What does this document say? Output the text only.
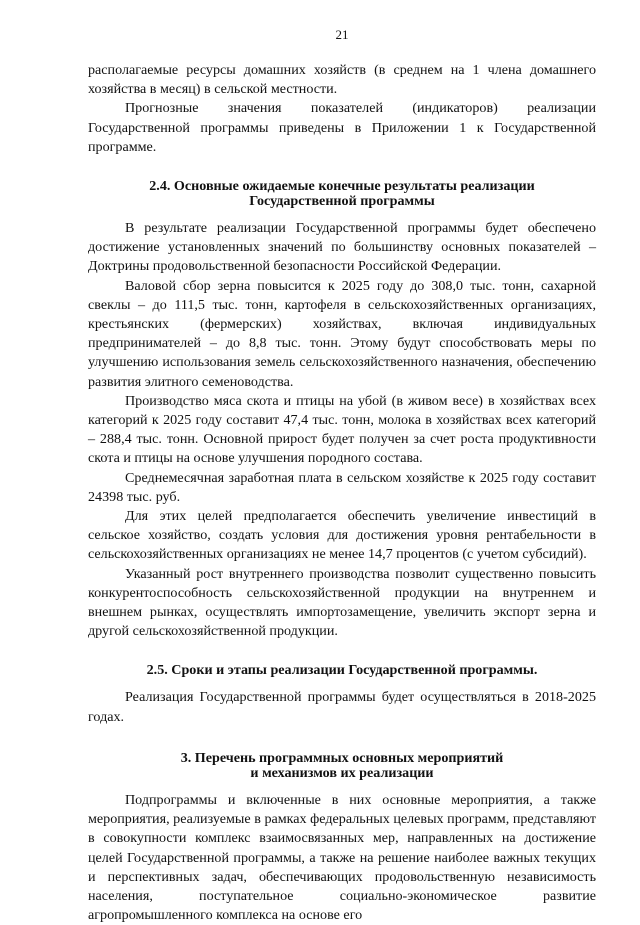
21

располагаемые ресурсы домашних хозяйств (в среднем на 1 члена домашнего хозяйства в месяц) в сельской местности.

Прогнозные значения показателей (индикаторов) реализации Государственной программы приведены в Приложении 1 к Государственной программе.

2.4. Основные ожидаемые конечные результаты реализации
Государственной программы

В результате реализации Государственной программы будет обеспечено достижение установленных значений по большинству основных показателей – Доктрины продовольственной безопасности Российской Федерации.

Валовой сбор зерна повысится к 2025 году до 308,0 тыс. тонн, сахарной свеклы – до 111,5 тыс. тонн, картофеля в сельскохозяйственных организациях, крестьянских (фермерских) хозяйствах, включая индивидуальных предпринимателей – до 8,8 тыс. тонн. Этому будут способствовать меры по улучшению использования земель сельскохозяйственного назначения, обеспечению развития элитного семеноводства.

Производство мяса скота и птицы на убой (в живом весе) в хозяйствах всех категорий к 2025 году составит 47,4 тыс. тонн, молока в хозяйствах всех категорий – 288,4 тыс. тонн. Основной прирост будет получен за счет роста продуктивности скота и птицы на основе улучшения породного состава.

Среднемесячная заработная плата в сельском хозяйстве к 2025 году составит 24398 тыс. руб.

Для этих целей предполагается обеспечить увеличение инвестиций в сельское хозяйство, создать условия для достижения уровня рентабельности в сельскохозяйственных организациях не менее 14,7 процентов (с учетом субсидий).

Указанный рост внутреннего производства позволит существенно повысить конкурентоспособность сельскохозяйственной продукции на внутреннем и внешнем рынках, осуществлять импортозамещение, увеличить экспорт зерна и другой сельскохозяйственной продукции.

2.5. Сроки и этапы реализации Государственной программы.

Реализация Государственной программы будет осуществляться в 2018-2025 годах.

3. Перечень программных основных мероприятий
и механизмов их реализации

Подпрограммы и включенные в них основные мероприятия, а также мероприятия, реализуемые в рамках федеральных целевых программ, представляют в совокупности комплекс взаимосвязанных мер, направленных на достижение целей Государственной программы, а также на решение наиболее важных текущих и перспективных задач, обеспечивающих продовольственную независимость населения, поступательное социально-экономическое развитие агропромышленного комплекса на основе его
